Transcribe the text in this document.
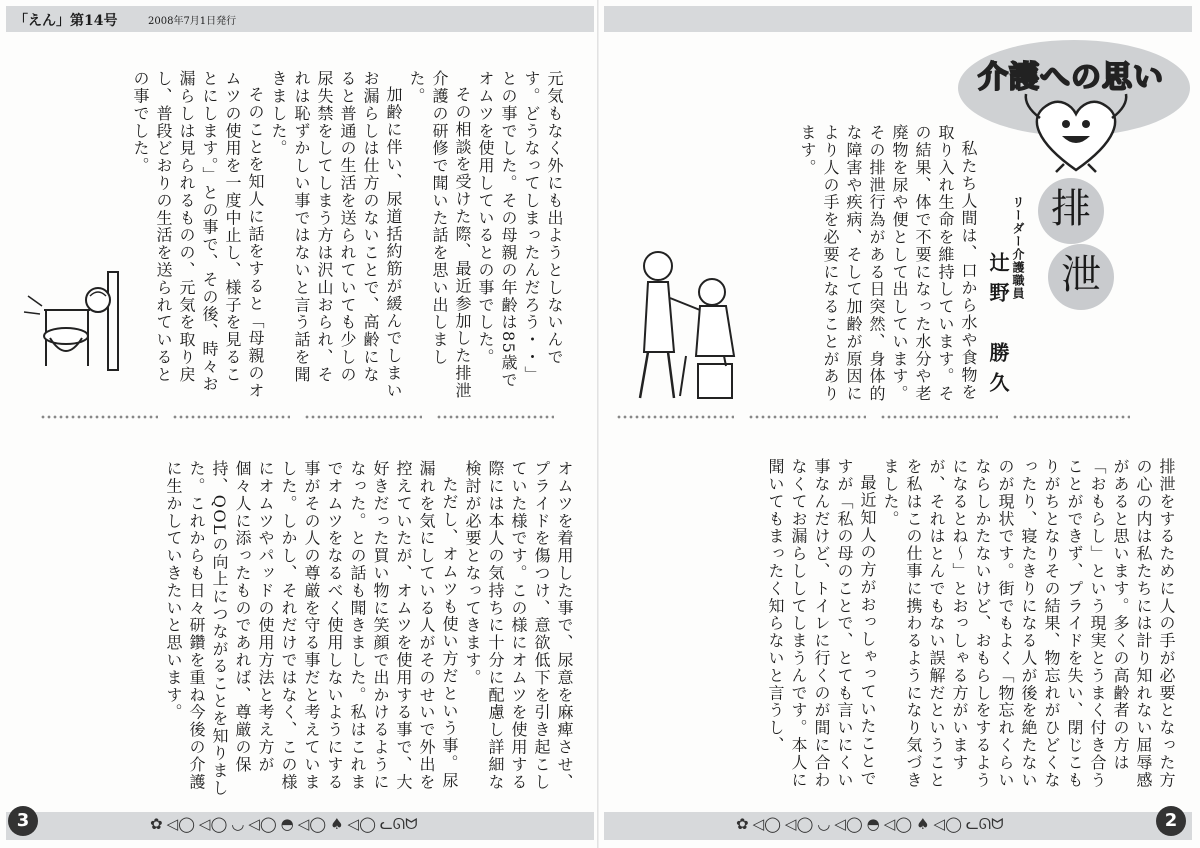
「えん」第14号	2008年7月1日発行

元気もなく外にも出ようとしないんです。どうなってしまったんだろう・・」との事でした。その母親の年齢は85歳でオムツを使用しているとの事でした。

その相談を受けた際、最近参加した排泄介護の研修で聞いた話を思い出しました。

加齢に伴い、尿道括約筋が緩んでしまいお漏らしは仕方のないことで、高齢になると普通の生活を送られていても少しの尿失禁をしてしまう方は沢山おられ、それは恥ずかしい事ではないと言う話を聞きました。

そのことを知人に話をすると「母親のオムツの使用を一度中止し、様子を見ることにします。」との事で、その後、時々お漏らしは見られるものの、元気を取り戻し、普段どおりの生活を送られているとの事でした。

オムツを着用した事で、尿意を麻痺させ、プライドを傷つけ、意欲低下を引き起こしていた様です。この様にオムツを使用する際には本人の気持ちに十分に配慮し詳細な検討が必要となってきます。

ただし、オムツも使い方だという事。尿漏れを気にしている人がそのせいで外出を控えていたが、オムツを使用する事で、大好きだった買い物に笑顔で出かけるようになった。との話も聞きました。私はこれまでオムツをなるべく使用しないようにする事がその人の尊厳を守る事だと考えていました。しかし、それだけではなく、この様にオムツやパッドの使用方法と考え方が個々人に添ったものであれば、尊厳の保持、QOLの向上につながることを知りました。これからも日々研鑽を重ね今後の介護に生かしていきたいと思います。

3	✿ ◁◯ ◁◯ ◡ ◁◯ ◓ ◁◯ ♠ ◁◯ ᓚᘏᗢ
介護への思い
排
泄
リーダー介護職員
辻野　勝久

私たち人間は、口から水や食物を取り入れ生命を維持しています。その結果、体で不要になった水分や老廃物を尿や便として出しています。その排泄行為がある日突然、身体的な障害や疾病、そして加齢が原因により人の手を必要になることがあります。

排泄をするために人の手が必要となった方の心の内は私たちには計り知れない屈辱感があると思います。多くの高齢者の方は「おもらし」という現実とうまく付き合うことができず、プライドを失い、閉じこもりがちとなりその結果、物忘れがひどくなったり、寝たきりになる人が後を絶たないのが現状です。街でもよく「物忘れくらいならしかたないけど、おもらしをするようになるとね～」とおっしゃる方がいますが、それはとんでもない誤解だということを私はこの仕事に携わるようになり気づきました。

最近知人の方がおっしゃっていたことですが「私の母のことで、とても言いにくい事なんだけど、トイレに行くのが間に合わなくてお漏らししてしまうんです。本人に聞いてもまったく知らないと言うし、

2
✿ ◁◯ ◁◯ ◡ ◁◯ ◓ ◁◯ ♠ ◁◯ ᓚᘏᗢ
